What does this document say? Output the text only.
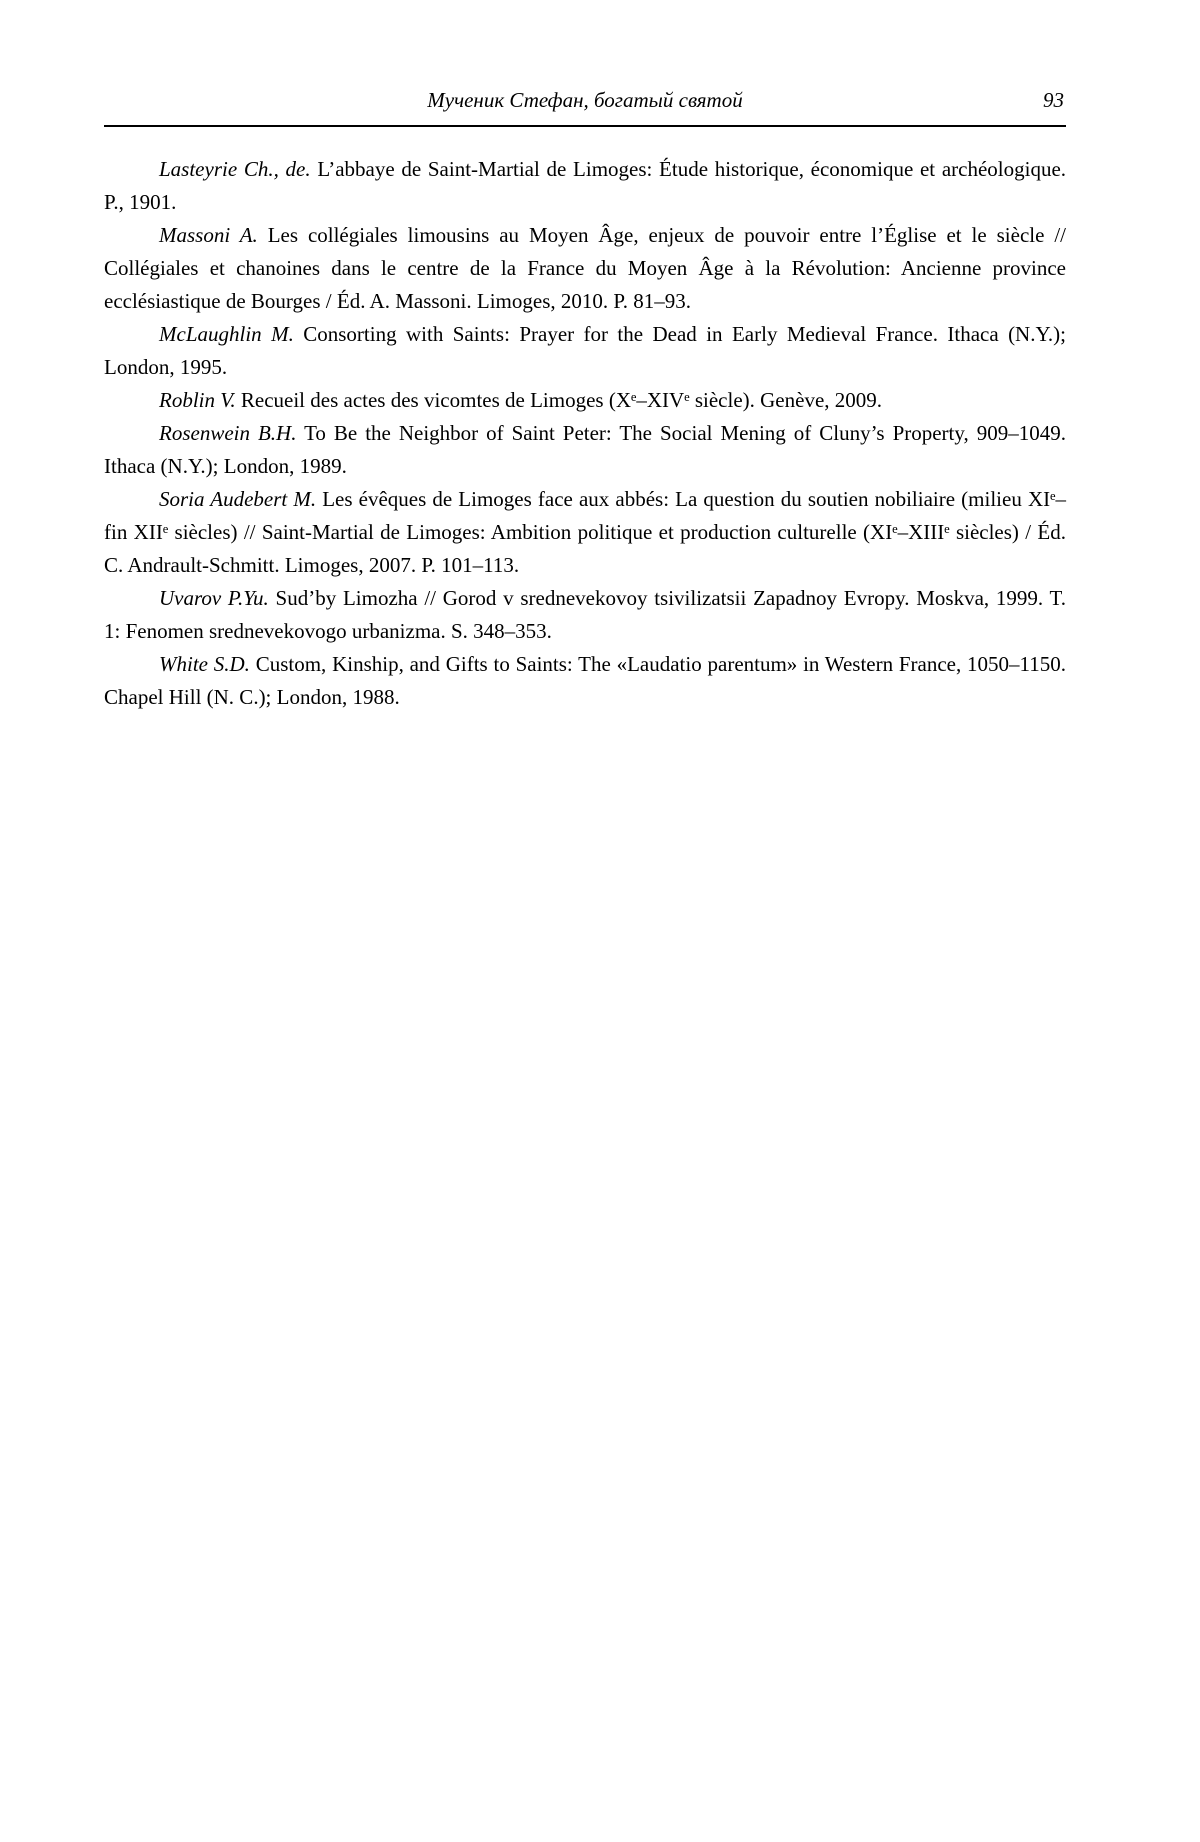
Мученик Стефан, богатый святой	93

Lasteyrie Ch., de. L’abbaye de Saint-Martial de Limoges: Étude historique, économique et archéologique. P., 1901.

Massoni A. Les collégiales limousins au Moyen Âge, enjeux de pouvoir entre l’Église et le siècle // Collégiales et chanoines dans le centre de la France du Moyen Âge à la Révolution: Ancienne province ecclésiastique de Bourges / Éd. A. Massoni. Limoges, 2010. P. 81–93.

McLaughlin M. Consorting with Saints: Prayer for the Dead in Early Medieval France. Ithaca (N.Y.); London, 1995.

Roblin V. Recueil des actes des vicomtes de Limoges (Xᵉ–XIVᵉ siècle). Genève, 2009.

Rosenwein B.H. To Be the Neighbor of Saint Peter: The Social Mening of Cluny’s Property, 909–1049. Ithaca (N.Y.); London, 1989.

Soria Audebert M. Les évêques de Limoges face aux abbés: La question du soutien nobiliaire (milieu XIᵉ–fin XIIᵉ siècles) // Saint-Martial de Limoges: Ambition politique et production culturelle (XIᵉ–XIIIᵉ siècles) / Éd. C. Andrault-Schmitt. Limoges, 2007. P. 101–113.

Uvarov P.Yu. Sud’by Limozha // Gorod v srednevekovoy tsivilizatsii Zapadnoy Evropy. Moskva, 1999. T. 1: Fenomen srednevekovogo urbanizma. S. 348–353.

White S.D. Custom, Kinship, and Gifts to Saints: The «Laudatio parentum» in Western France, 1050–1150. Chapel Hill (N. C.); London, 1988.
